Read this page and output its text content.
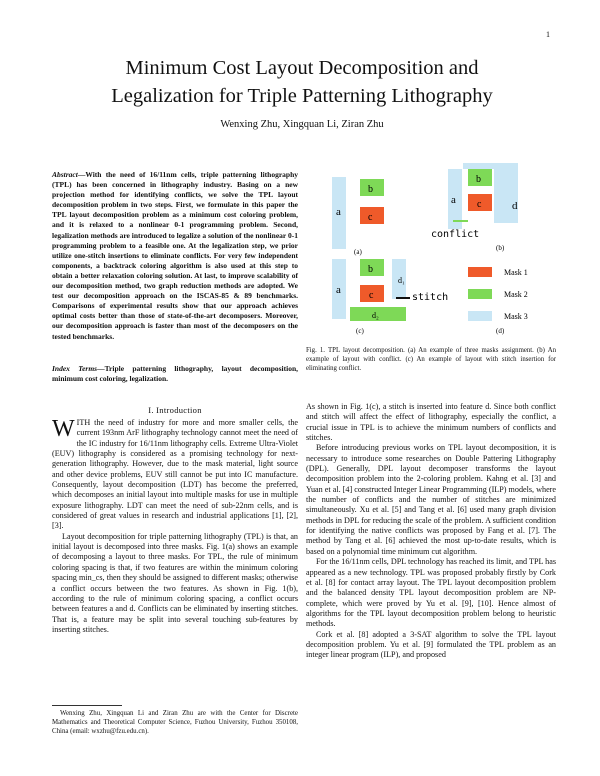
1
Minimum Cost Layout Decomposition and
Legalization for Triple Patterning Lithography
Wenxing Zhu, Xingquan Li, Ziran Zhu
Abstract—With the need of 16/11nm cells, triple patterning lithography (TPL) has been concerned in lithography industry. Basing on a new projection method for identifying conflicts, we solve the TPL layout decomposition problem in two steps. First, we formulate in this paper the TPL layout decomposition problem as a minimum cost coloring problem, and it is relaxed to a nonlinear 0-1 programming problem. Second, legalization methods are introduced to legalize a solution of the nonlinear 0-1 programming problem to a feasible one. At the legalization step, we prior utilize one-stitch insertions to eliminate conflicts. For very few independent components, a backtrack coloring algorithm is also used at this step to obtain a better relaxation coloring solution. At last, to improve scalability of our decomposition method, two graph reduction methods are adopted. We test our decomposition approach on the ISCAS-85 & 89 benchmarks. Comparisons of experimental results show that our approach achieves optimal costs better than those of state-of-the-art decomposers. Moreover, our decomposition approach is faster than most of the decomposers on the tested benchmarks.
Index Terms—Triple patterning lithography, layout decomposition, minimum cost coloring, legalization.
I. Introduction

WITH the need of industry for more and more smaller cells, the current 193nm ArF lithography technology cannot meet the need of the IC industry for 16/11nm lithography cells. Extreme Ultra-Violet (EUV) lithography is considered as a promising technology for next-generation lithography. However, due to the mask material, light source and other device problems, EUV still cannot be put into IC manufacture. Consequently, layout decomposition (LDT) has become the preferred, which decomposes an initial layout into multiple masks for use in multiple exposure lithography. LDT can meet the need of sub-22nm cells, and is considered of great values in research and industrial applications [1], [2], [3].

Layout decomposition for triple patterning lithography (TPL) is that, an initial layout is decomposed into three masks. Fig. 1(a) shows an example of decomposing a layout to three masks. For TPL, the rule of minimum coloring spacing is that, if two features are within the minimum coloring spacing min_cs, then they should be assigned to different masks; otherwise a conflict occurs between the two features. As shown in Fig. 1(b), according to the rule of minimum coloring spacing, a conflict occurs between features a and d. Conflicts can be eliminated by inserting stitches. That is, a feature may be split into several touching sub-features by inserting stitches.

Wenxing Zhu, Xingquan Li and Ziran Zhu are with the Center for Discrete Mathematics and Theoretical Computer Science, Fuzhou University, Fuzhou 350108, China (email: wxzhu@fzu.edu.cn).

a
b
c
(a)
a
b
c	d
conflict
(b)
a
b
c
d₁
d₂
stitch
(c)
Mask 1
Mask 2
Mask 3
(d)
Fig. 1. TPL layout decomposition. (a) An example of three masks assignment. (b) An example of layout with conflict. (c) An example of layout with stitch insertion for eliminating conflict.

As shown in Fig. 1(c), a stitch is inserted into feature d. Since both conflict and stitch will affect the effect of lithography, especially the conflict, a crucial issue in TPL is to achieve the minimum numbers of conflicts and stitches.

Before introducing previous works on TPL layout decomposition, it is necessary to introduce some researches on Double Pattering Lithography (DPL). Generally, DPL layout decomposer transforms the layout decomposition problem into the 2-coloring problem. Kahng et al. [3] and Yuan et al. [4] constructed Integer Linear Programming (ILP) models, where the number of conflicts and the number of stitches are minimized simultaneously. Xu et al. [5] and Tang et al. [6] used many graph division methods in DPL for reducing the scale of the problem. A sufficient condition for identifying the native conflicts was proposed by Fang et al. [7]. The method by Tang et al. [6] achieved the most up-to-date results, which is based on a polynomial time minimum cut algorithm.

For the 16/11nm cells, DPL technology has reached its limit, and TPL has appeared as a new technology. TPL was proposed probably firstly by Cork et al. [8] for contact array layout. The TPL layout decomposition problem and the balanced density TPL layout decomposition problem are NP-complete, which were proved by Yu et al. [9], [10]. Hence almost of algorithms for the TPL layout decomposition problem belong to heuristic methods.

Cork et al. [8] adopted a 3-SAT algorithm to solve the TPL layout decomposition problem. Yu et al. [9] formulated the TPL problem as an integer linear program (ILP), and proposed
